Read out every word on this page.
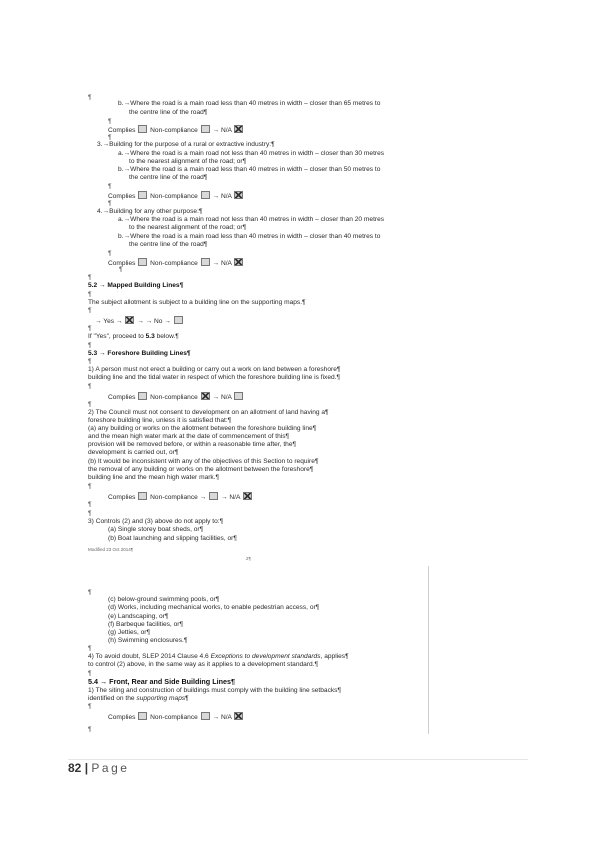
¶
b.→Where the road is a main road less than 40 metres in width – closer than 65 metres to
the centre line of the road¶
¶
Complies Non-compliance → N/A
¶
3.→Building for the purpose of a rural or extractive industry:¶
a.→Where the road is a main road not less than 40 metres in width – closer than 30 metres
to the nearest alignment of the road; or¶
b.→Where the road is a main road less than 40 metres in width – closer than 50 metres to
the centre line of the road¶
¶
Complies Non-compliance → N/A
¶
4.→Building for any other purpose:¶
a.→Where the road is a main road not less than 40 metres in width – closer than 20 metres
to the nearest alignment of the road; or¶
b.→Where the road is a main road less than 40 metres in width – closer than 40 metres to
the centre line of the road¶
¶
Complies Non-compliance → N/A
¶
¶
5.2 → Mapped Building Lines¶
¶
The subject allotment is subject to a building line on the supporting maps.¶
¶
→ Yes → → → No →
¶
If "Yes", proceed to 5.3 below.¶
¶
5.3 → Foreshore Building Lines¶
¶
1) A person must not erect a building or carry out a work on land between a foreshore¶
building line and the tidal water in respect of which the foreshore building line is fixed.¶
¶
Complies Non-compliance → N/A
¶
2) The Council must not consent to development on an allotment of land having a¶
foreshore building line, unless it is satisfied that:¶
(a) any building or works on the allotment between the foreshore building line¶
and the mean high water mark at the date of commencement of this¶
provision will be removed before, or within a reasonable time after, the¶
development is carried out, or¶
(b) It would be inconsistent with any of the objectives of this Section to require¶
the removal of any building or works on the allotment between the foreshore¶
building line and the mean high water mark.¶
¶
Complies Non-compliance → → N/A
¶
¶
3) Controls (2) and (3) above do not apply to:¶
(a) Single storey boat sheds, or¶
(b) Boat launching and slipping facilities, or¶
Modified 23 Oct 2014¶
2¶
¶
(c) below-ground swimming pools, or¶
(d) Works, including mechanical works, to enable pedestrian access, or¶
(e) Landscaping, or¶
(f) Barbeque facilities, or¶
(g) Jetties, or¶
(h) Swimming enclosures.¶
¶
4) To avoid doubt, SLEP 2014 Clause 4.6 Exceptions to development standards, applies¶
to control (2) above, in the same way as it applies to a development standard.¶
¶
5.4 → Front, Rear and Side Building Lines¶
1) The siting and construction of buildings must comply with the building line setbacks¶
identified on the supporting maps¶
¶
Complies Non-compliance → N/A
¶
82 | Page
